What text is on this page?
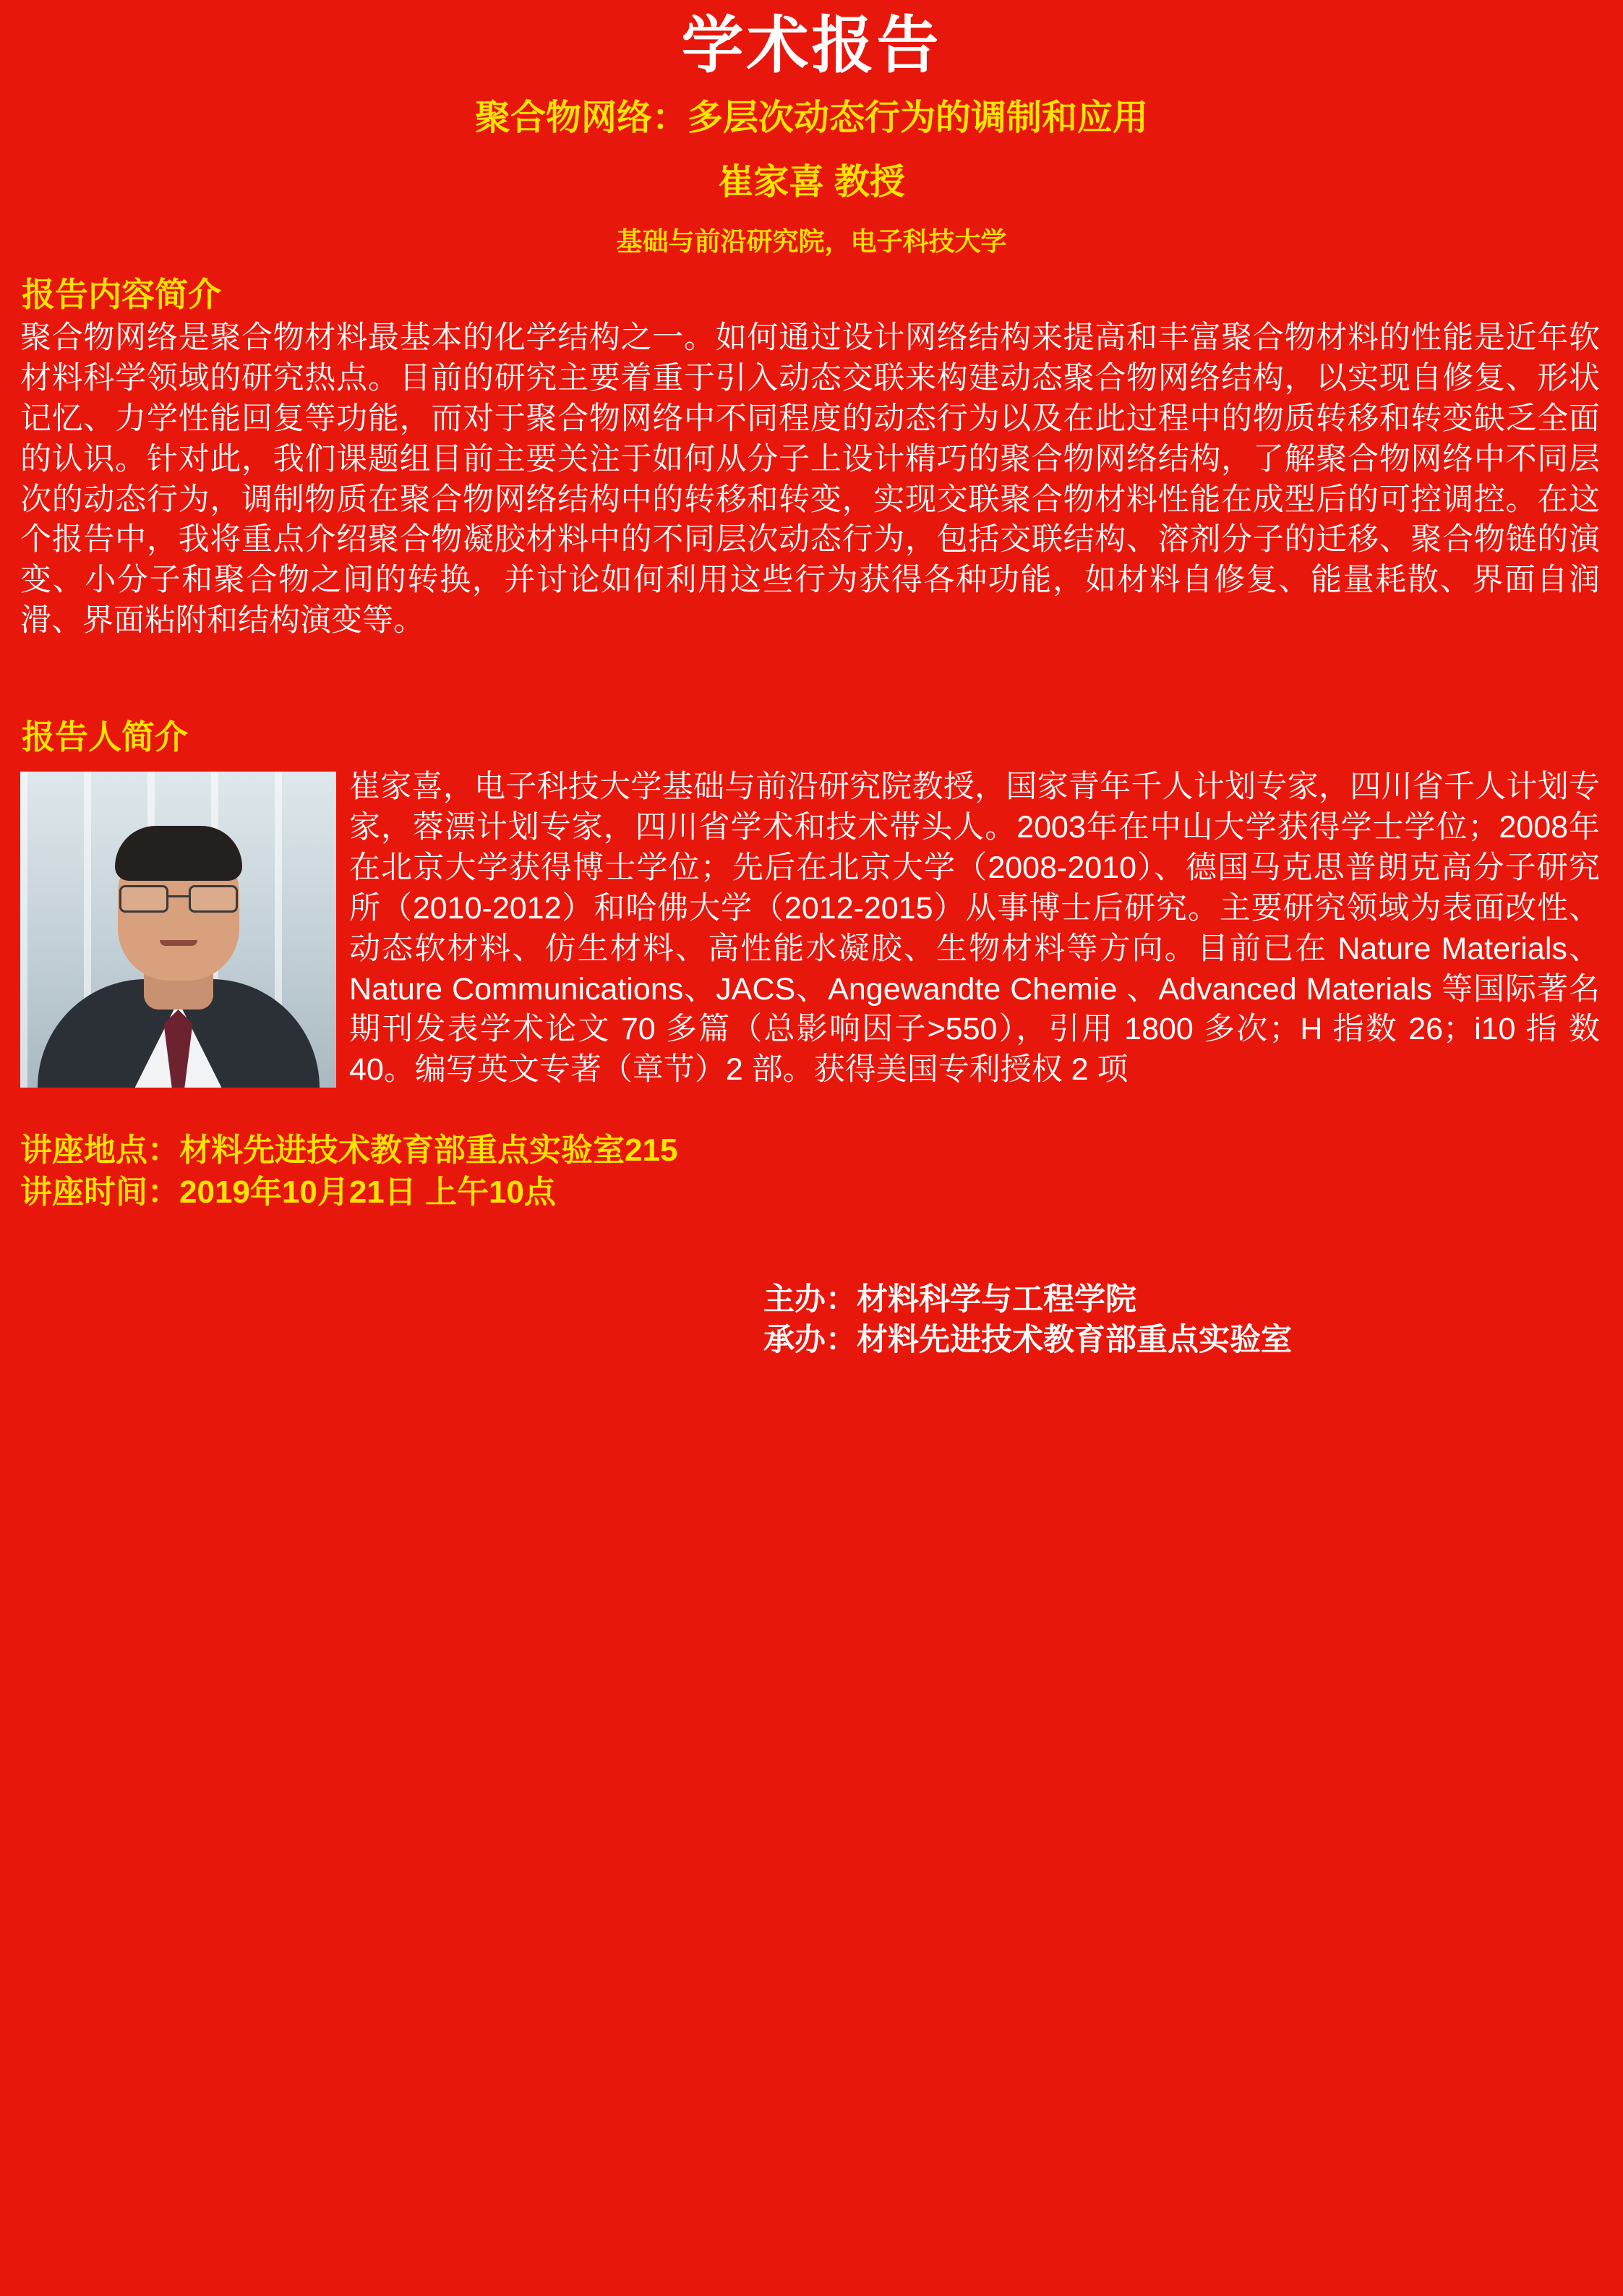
学术报告
聚合物网络：多层次动态行为的调制和应用
崔家喜 教授
基础与前沿研究院，电子科技大学
报告内容简介
聚合物网络是聚合物材料最基本的化学结构之一。如何通过设计网络结构来提高和丰富聚合物材料的性能是近年软材料科学领域的研究热点。目前的研究主要着重于引入动态交联来构建动态聚合物网络结构，以实现自修复、形状记忆、力学性能回复等功能，而对于聚合物网络中不同程度的动态行为以及在此过程中的物质转移和转变缺乏全面的认识。针对此，我们课题组目前主要关注于如何从分子上设计精巧的聚合物网络结构，了解聚合物网络中不同层次的动态行为，调制物质在聚合物网络结构中的转移和转变，实现交联聚合物材料性能在成型后的可控调控。在这个报告中，我将重点介绍聚合物凝胶材料中的不同层次动态行为，包括交联结构、溶剂分子的迁移、聚合物链的演变、小分子和聚合物之间的转换，并讨论如何利用这些行为获得各种功能，如材料自修复、能量耗散、界面自润滑、界面粘附和结构演变等。
报告人简介
崔家喜，电子科技大学基础与前沿研究院教授，国家青年千人计划专家，四川省千人计划专家，蓉漂计划专家，四川省学术和技术带头人。2003年在中山大学获得学士学位；2008年在北京大学获得博士学位；先后在北京大学（2008-2010）、德国马克思普朗克高分子研究所（2010-2012）和哈佛大学（2012-2015）从事博士后研究。主要研究领域为表面改性、动态软材料、仿生材料、高性能水凝胶、生物材料等方向。目前已在 Nature Materials、Nature Communications、JACS、Angewandte Chemie 、Advanced Materials 等国际著名期刊发表学术论文 70 多篇（总影响因子>550），引用 1800 多次；H 指数 26；i10 指 数 40。编写英文专著（章节）2 部。获得美国专利授权 2 项
讲座地点：材料先进技术教育部重点实验室215
讲座时间：2019年10月21日 上午10点
主办：材料科学与工程学院
承办：材料先进技术教育部重点实验室
